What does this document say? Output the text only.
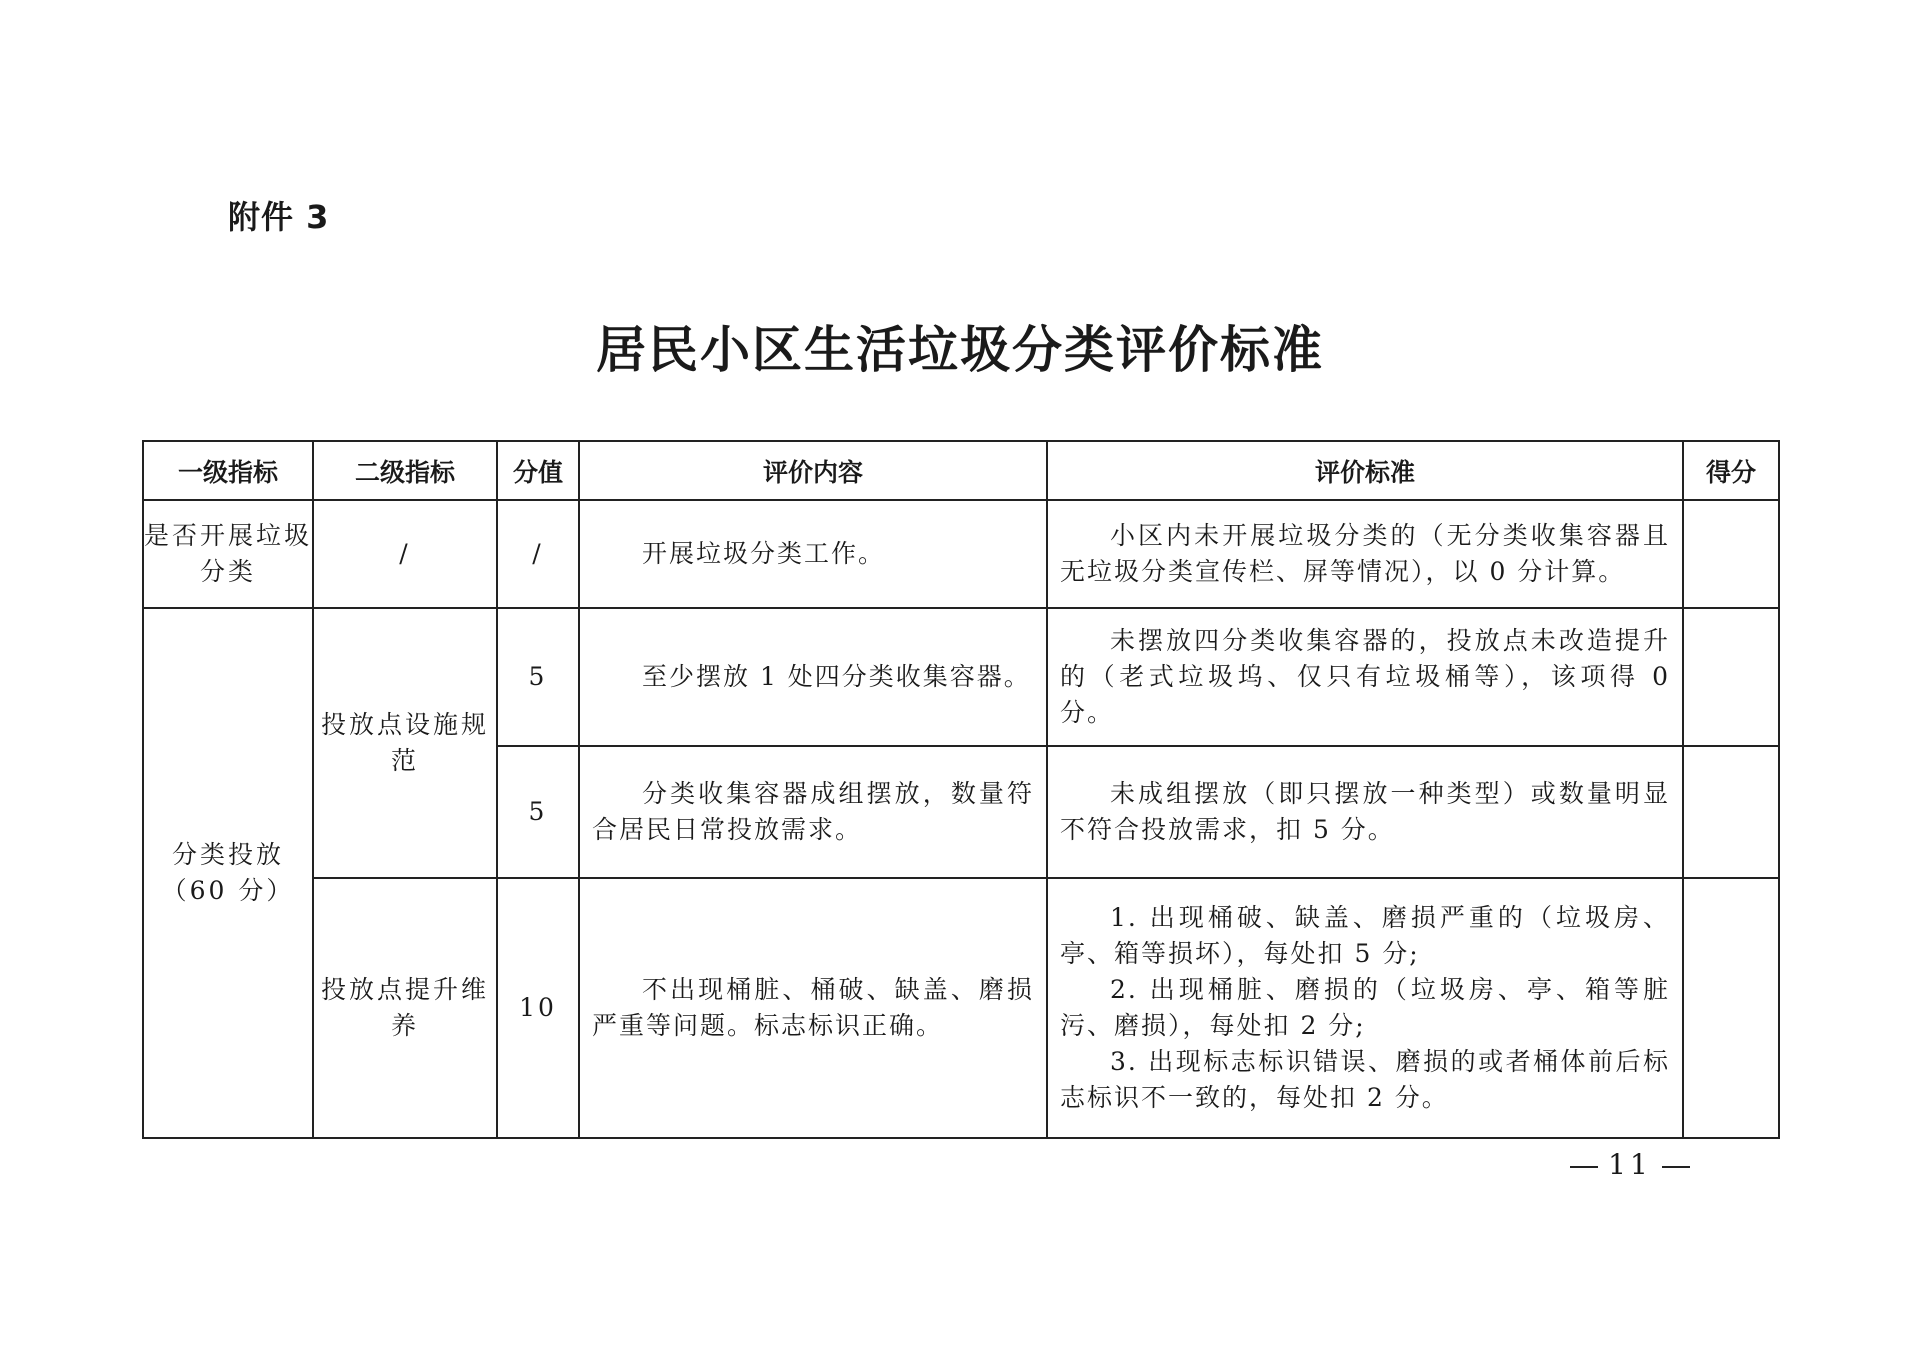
附件 3
居民小区生活垃圾分类评价标准
一级指标	二级指标	分值	评价内容	评价标准	得分
是否开展垃圾分类	/	/	开展垃圾分类工作。	小区内未开展垃圾分类的（无分类收集容器且无垃圾分类宣传栏、屏等情况），以 0 分计算。	

分类投放（60 分）	投放点设施规范	5	至少摆放 1 处四分类收集容器。	未摆放四分类收集容器的，投放点未改造提升的（老式垃圾坞、仅只有垃圾桶等），该项得 0 分。	

		5	分类收集容器成组摆放，数量符合居民日常投放需求。	未成组摆放（即只摆放一种类型）或数量明显不符合投放需求，扣 5 分。	

	投放点提升维养	10	不出现桶脏、桶破、缺盖、磨损严重等问题。标志标识正确。	1. 出现桶破、缺盖、磨损严重的（垃圾房、亭、箱等损坏），每处扣 5 分;
2. 出现桶脏、磨损的（垃圾房、亭、箱等脏污、磨损），每处扣 2 分;
3. 出现标志标识错误、磨损的或者桶体前后标志标识不一致的，每处扣 2 分。	

11
